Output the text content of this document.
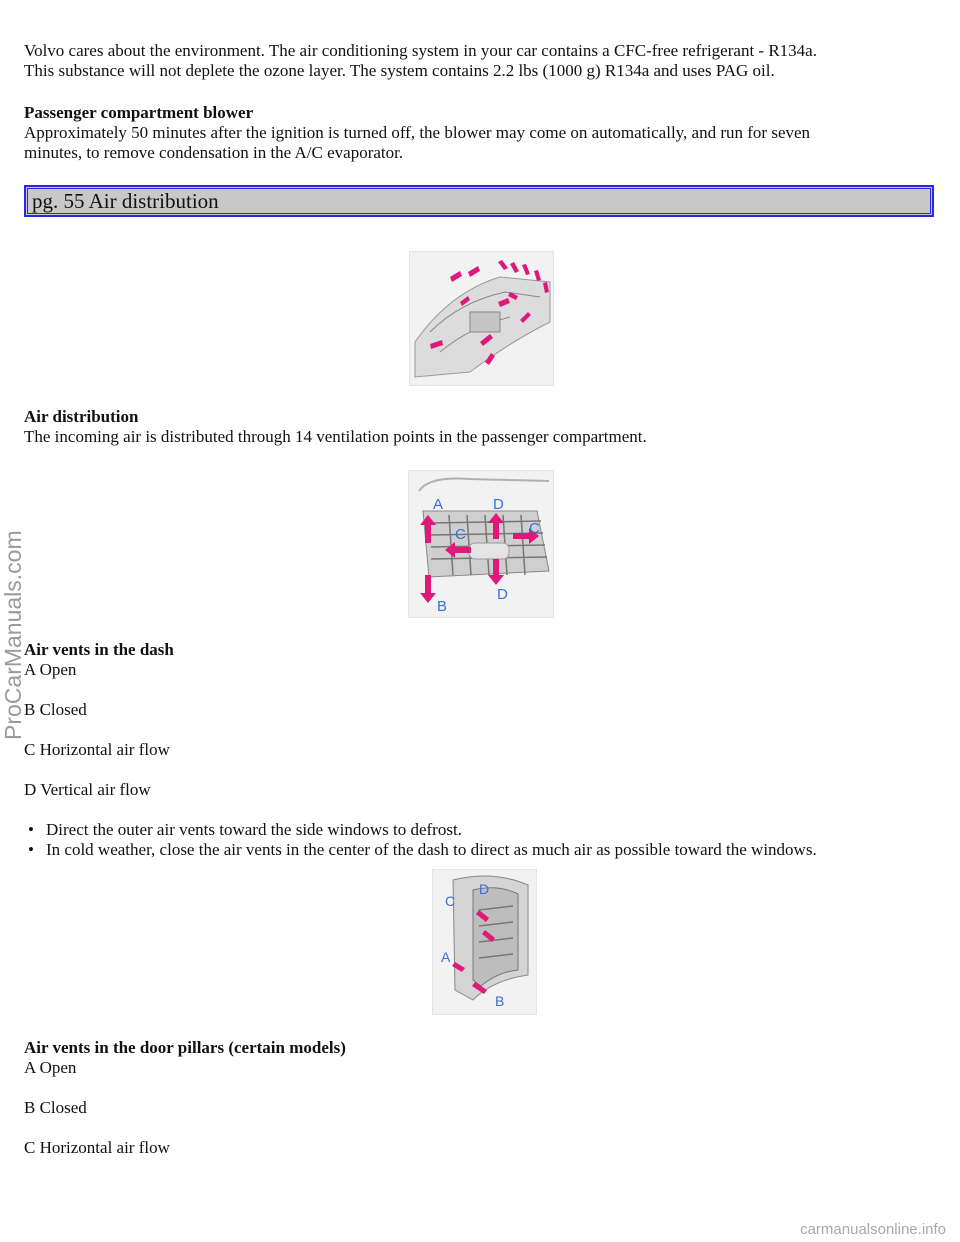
Volvo cares about the environment. The air conditioning system in your car contains a CFC-free refrigerant - R134a.

This substance will not deplete the ozone layer. The system contains 2.2 lbs (1000 g) R134a and uses PAG oil.

Passenger compartment blower

Approximately 50 minutes after the ignition is turned off, the blower may come on automatically, and run for seven

minutes, to remove condensation in the A/C evaporator.

pg. 55 Air distribution

Air distribution

The incoming air is distributed through 14 ventilation points in the passenger compartment.

A
B
C	C
D
D

Air vents in the dash

A Open

B Closed

C Horizontal air flow

D Vertical air flow

• Direct the outer air vents toward the side windows to defrost.
• In cold weather, close the air vents in the center of the dash to direct as much air as possible toward the windows.
C
D
A
B

Air vents in the door pillars (certain models)

A Open

B Closed

C Horizontal air flow

ProCarManuals.com
carmanualsonline.info
